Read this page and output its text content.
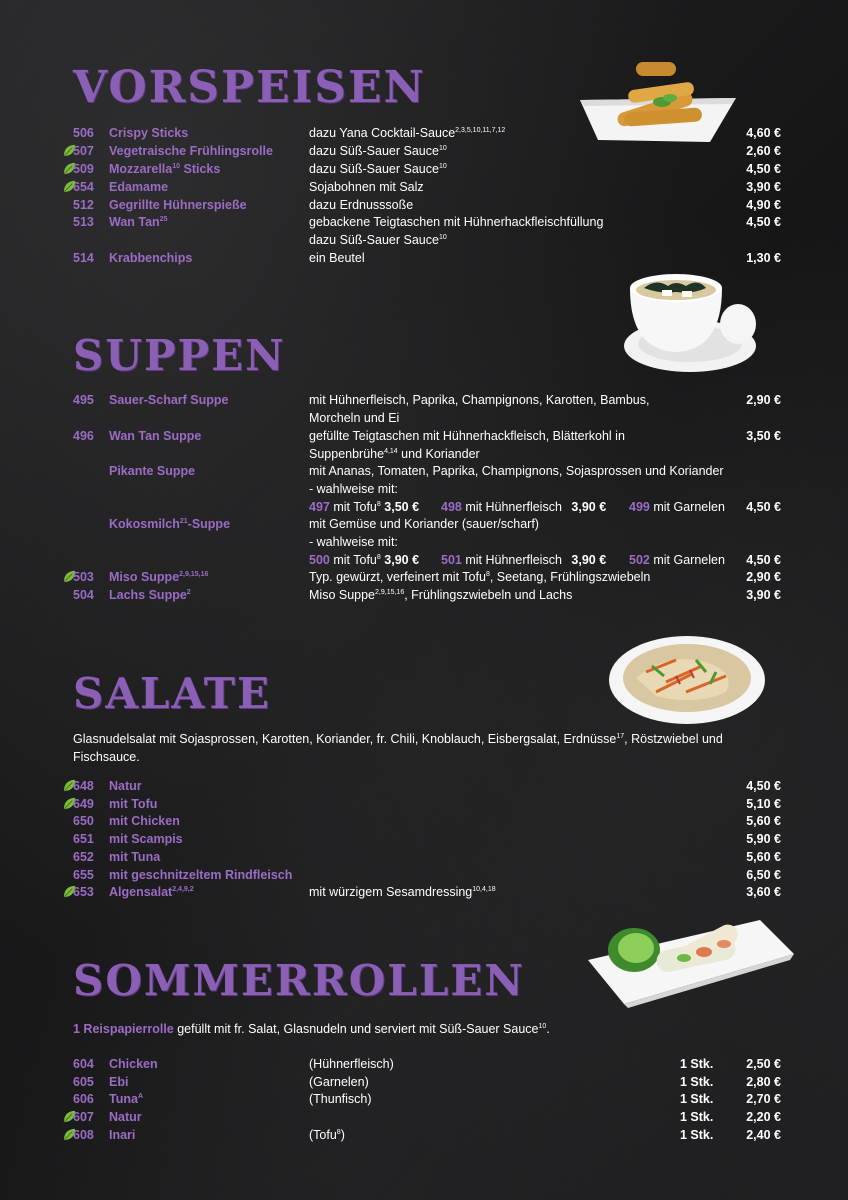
VORSPEISEN
506	Crispy Sticks	dazu Yana Cocktail-Sauce$^{2,3,5,10,11,7,12}$	4,60 €
507	Vegetraische Frühlingsrolle	dazu Süß-Sauer Sauce$^{10}$	2,60 €
509	Mozzarella$^{10}$ Sticks	dazu Süß-Sauer Sauce$^{10}$	4,50 €
654	Edamame	Sojabohnen mit Salz	3,90 €
512	Gegrillte Hühnerspieße	dazu Erdnusssoße	4,90 €
513	Wan Tan$^{25}$	gebackene Teigtaschen mit Hühnerhackfleischfüllung	4,50 €
dazu Süß-Sauer Sauce$^{10}$
514	Krabbenchips	ein Beutel	1,30 €
SUPPEN
495	Sauer-Scharf Suppe	mit Hühnerfleisch, Paprika, Champignons, Karotten, Bambus,	2,90 €
Morcheln und Ei
496	Wan Tan Suppe	gefüllte Teigtaschen mit Hühnerhackfleisch, Blätterkohl in	3,50 €
Suppenbrühe$^{4,14}$ und Koriander
Pikante Suppe	mit Ananas, Tomaten, Paprika, Champignons, Sojasprossen und Koriander
- wahlweise mit:
497 mit Tofu$^8$ 3,50 € 498 mit Hühnerfleisch 3,90 € 499 mit Garnelen 4,50 €
Kokosmilch$^{21}$-Suppe	mit Gemüse und Koriander (sauer/scharf)
- wahlweise mit:
500 mit Tofu$^8$ 3,90 € 501 mit Hühnerfleisch 3,90 € 502 mit Garnelen 4,50 €
503	Miso Suppe$^{2,9,15,16}$	Typ. gewürzt, verfeinert mit Tofu$^8$, Seetang, Frühlingszwiebeln	2,90 €
504	Lachs Suppe$^2$	Miso Suppe$^{2,9,15,16}$, Frühlingszwiebeln und Lachs	3,90 €
SALATE
Glasnudelsalat mit Sojasprossen, Karotten, Koriander, fr. Chili, Knoblauch, Eisbergsalat, Erdnüsse$^{17}$, Röstzwiebel und
Fischsauce.
648	Natur	4,50 €
649	mit Tofu	5,10 €
650	mit Chicken	5,60 €
651	mit Scampis	5,90 €
652	mit Tuna	5,60 €
655	mit geschnitzeltem Rindfleisch	6,50 €
653	Algensalat$^{2,4,9,2}$	mit würzigem Sesamdressing$^{10,4,18}$	3,60 €
SOMMERROLLEN
1 Reispapierrolle gefüllt mit fr. Salat, Glasnudeln und serviert mit Süß-Sauer Sauce$^{10}$.
604	Chicken	(Hühnerfleisch)	1 Stk.	2,50 €
605	Ebi	(Garnelen)	1 Stk.	2,80 €
606	Tuna$^A$	(Thunfisch)	1 Stk.	2,70 €
607	Natur	1 Stk.	2,20 €
608	Inari	(Tofu$^8$)	1 Stk.	2,40 €
